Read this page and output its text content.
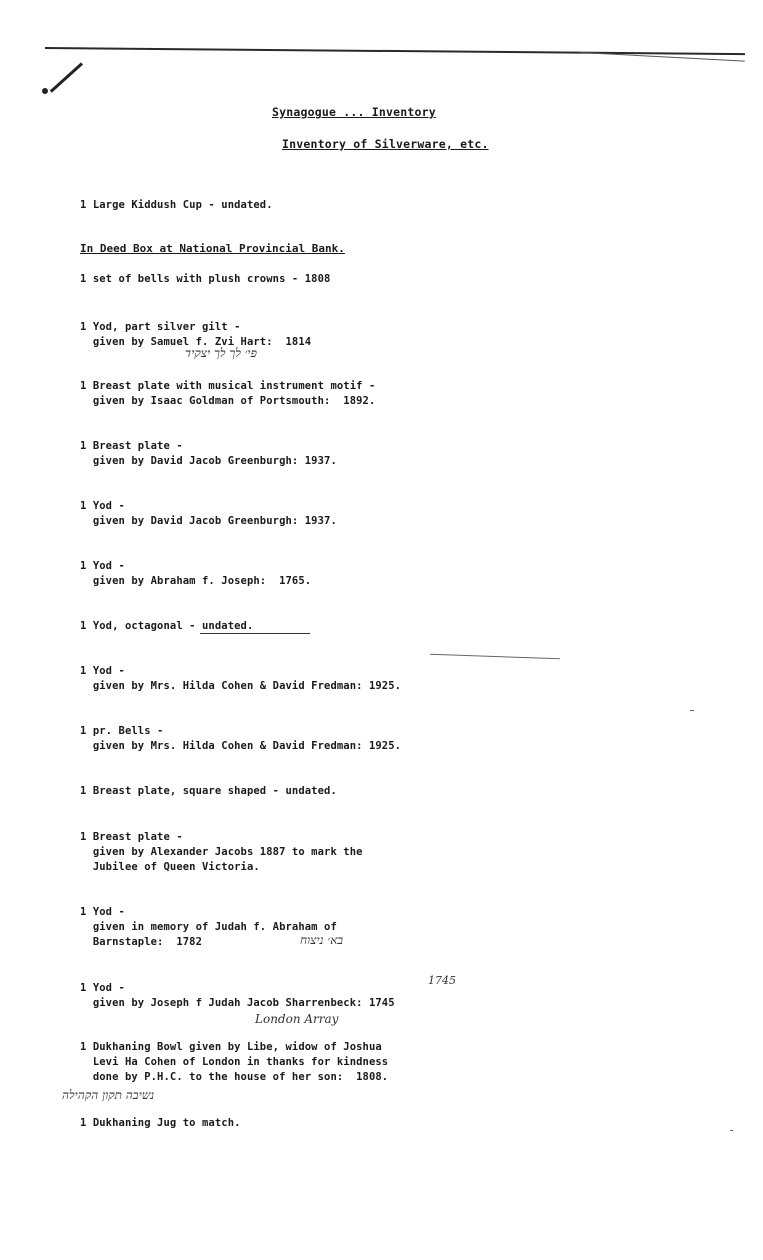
Synagogue ... Inventory
Inventory of Silverware, etc.
1 Large Kiddush Cup - undated.
In Deed Box at National Provincial Bank.
1 set of bells with plush crowns - 1808
1 Yod, part silver gilt -
given by Samuel f. Zvi Hart:  1814
1 Breast plate with musical instrument motif -
given by Isaac Goldman of Portsmouth:  1892.
1 Breast plate -
given by David Jacob Greenburgh: 1937.
1 Yod -
given by David Jacob Greenburgh: 1937.
1 Yod -
given by Abraham f. Joseph:  1765.
1 Yod, octagonal - undated.
1 Yod -
given by Mrs. Hilda Cohen & David Fredman: 1925.
1 pr. Bells -
given by Mrs. Hilda Cohen & David Fredman: 1925.
1 Breast plate, square shaped - undated.
1 Breast plate -
given by Alexander Jacobs 1887 to mark the
Jubilee of Queen Victoria.
1 Yod -
given in memory of Judah f. Abraham of
Barnstaple:  1782
1 Yod -
given by Joseph f Judah Jacob Sharrenbeck: 1745
1 Dukhaning Bowl given by Libe, widow of Joshua
Levi Ha Cohen of London in thanks for kindness
done by P.H.C. to the house of her son:  1808.
1 Dukhaning Jug to match.
פי׳ לך לך יצקיד
בא׳ ניצוח
1745
London Array
נשיבה תקון הקהילה
